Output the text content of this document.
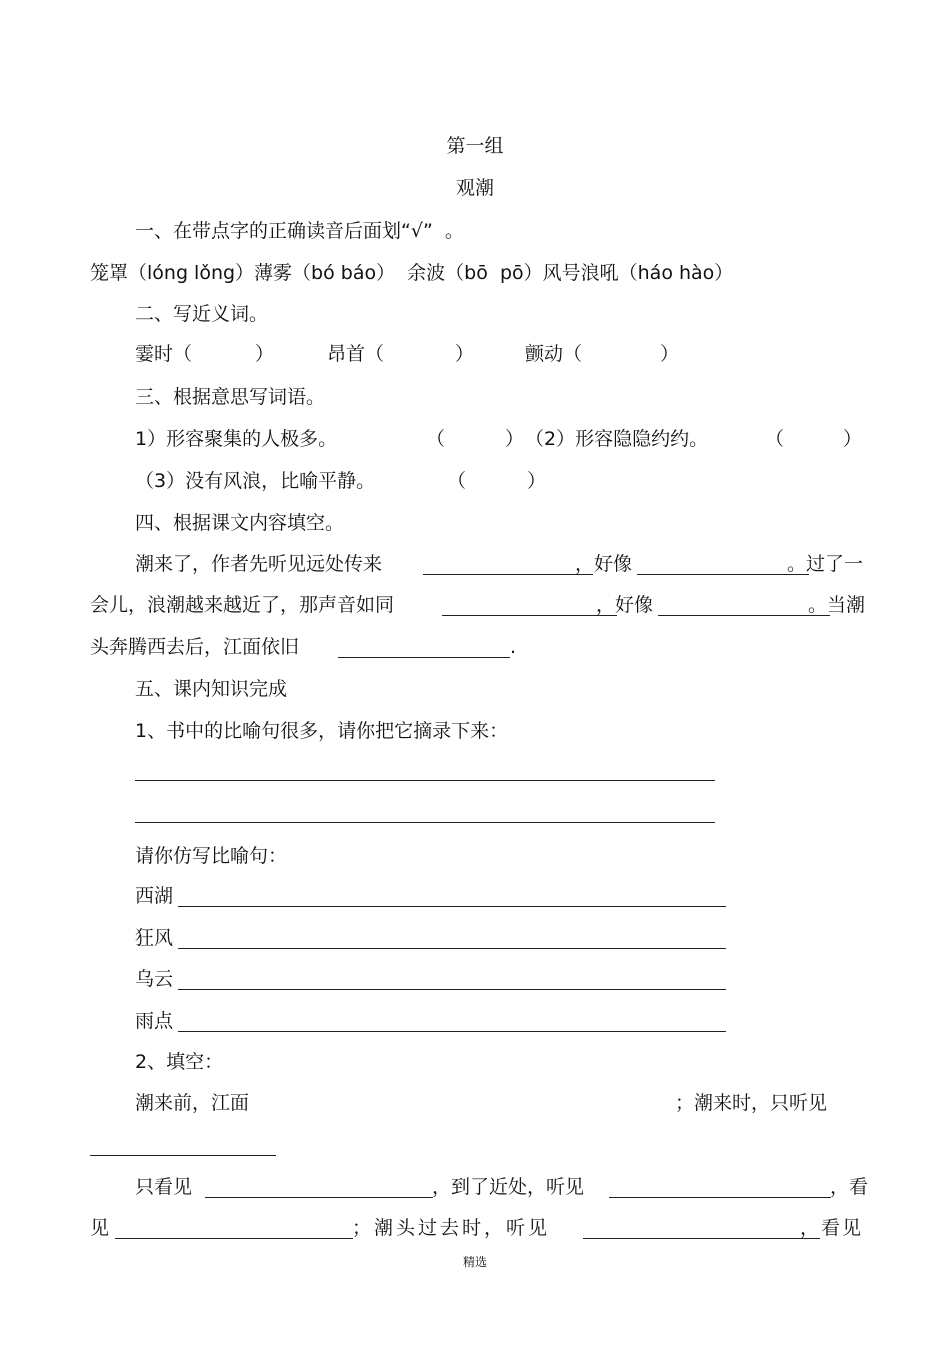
第一组
观潮
一、在带点字的正确读音后面划“√”  。
笼罩（lóng lǒng）薄雾（bó báo）  余波（bō  pō）风号浪吼（háo hào）
二、写近义词。
霎时（	）	昂首（	）	颤动（	）
三、根据意思写词语。
1）形容聚集的人极多。	（	） （2）形容隐隐约约。	（	）
（3）没有风浪，比喻平静。	（	）
四、根据课文内容填空。
潮来了，作者先听见远处传来	，好像	。过了一
会儿，浪潮越来越近了，那声音如同	，好像	。当潮
头奔腾西去后，江面依旧	.
五、课内知识完成
1、书中的比喻句很多，请你把它摘录下来：
请你仿写比喻句：
西湖
狂风
乌云
雨点
2、填空：
潮来前，江面	；潮来时，只听见
只看见	，到了近处，听见	，看
见	；潮头过去时，听见	，看见
精选
